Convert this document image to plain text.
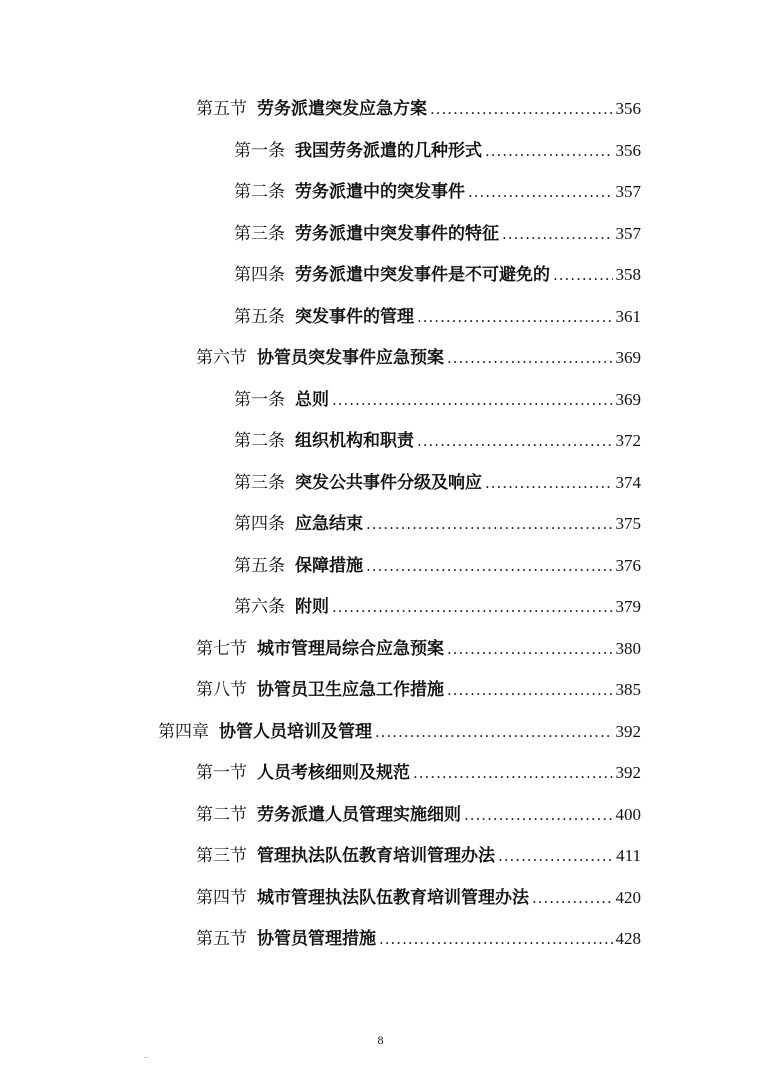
第五节 劳务派遣突发应急方案 .....	356
第一条 我国劳务派遣的几种形式 .....	356
第二条 劳务派遣中的突发事件 .....	357
第三条 劳务派遣中突发事件的特征 .....	357
第四条 劳务派遣中突发事件是不可避免的 .....	358
第五条 突发事件的管理 .....	361
第六节 协管员突发事件应急预案 .....	369
第一条 总则 .....	369
第二条 组织机构和职责 .....	372
第三条 突发公共事件分级及响应 .....	374
第四条 应急结束 .....	375
第五条 保障措施 .....	376
第六条 附则 .....	379
第七节 城市管理局综合应急预案 .....	380
第八节 协管员卫生应急工作措施 .....	385
第四章 协管人员培训及管理 .....	392
第一节 人员考核细则及规范 .....	392
第二节 劳务派遣人员管理实施细则 .....	400
第三节 管理执法队伍教育培训管理办法 .....	411
第四节 城市管理执法队伍教育培训管理办法 .....	420
第五节 协管员管理措施 .....	428
8
..
